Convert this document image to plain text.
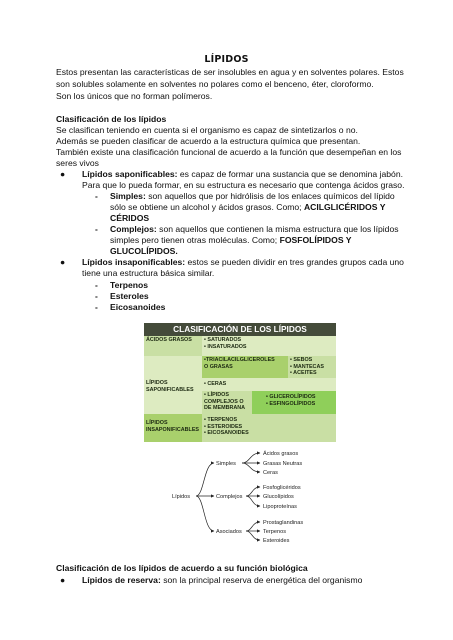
LÍPIDOS
Estos presentan las características de ser insolubles en agua y en solventes polares. Estos
son solubles solamente en solventes no polares como el benceno, éter, cloroformo.
Son los únicos que no forman polímeros.
Clasificación de los lípidos
Se clasifican teniendo en cuenta si el organismo es capaz de sintetizarlos o no.
Además se pueden clasificar de acuerdo a la estructura química que presentan.
También existe una clasificación funcional de acuerdo a la función que desempeñan en los
seres vivos
● Lípidos saponificables: es capaz de formar una sustancia que se denomina jabón.
Para que lo pueda formar, en su estructura es necesario que contenga ácidos graso.
- Simples: son aquellos que por hidrólisis de los enlaces químicos del lípido
sólo se obtiene un alcohol y ácidos grasos. Como; ACILGLICÉRIDOS Y
CÉRIDOS
- Complejos: son aquellos que contienen la misma estructura que los lípidos
simples pero tienen otras moléculas. Como; FOSFOLÍPIDOS Y
GLUCOLÍPIDOS.
● Lípidos insaponificables: estos se pueden dividir en tres grandes grupos cada uno
tiene una estructura básica similar.
- Terpenos
- Esteroles
- Eicosanoides
CLASIFICACIÓN DE LOS LÍPIDOS
ÁCIDOS GRASOS	• SATURADOS
• INSATURADOS
LÍPIDOS SAPONIFICABLES
•TRIACILACILGLICEROLES
O GRASAS
• SEBOS
• MANTECAS
• ACEITES
• CERAS
• LÍPIDOS
COMPLEJOS O
DE MEMBRANA
• GLICEROLÍPIDOS
• ESFINGOLÍPIDOS
LÍPIDOS
INSAPONIFICABLES
• TERPENOS
• ESTEROIDES
• EICOSANOIDES
Lípidos
Simples
Complejos
Asociados
Ácidos grasos
Grasas Neutras
Ceras
Fosfoglicéridos
Glucolípidos
Lipoproteínas
Prostaglandinas
Terpenos
Esteroides
Clasificación de los lípidos de acuerdo a su función biológica
● Lípidos de reserva: son la principal reserva de energética del organismo
